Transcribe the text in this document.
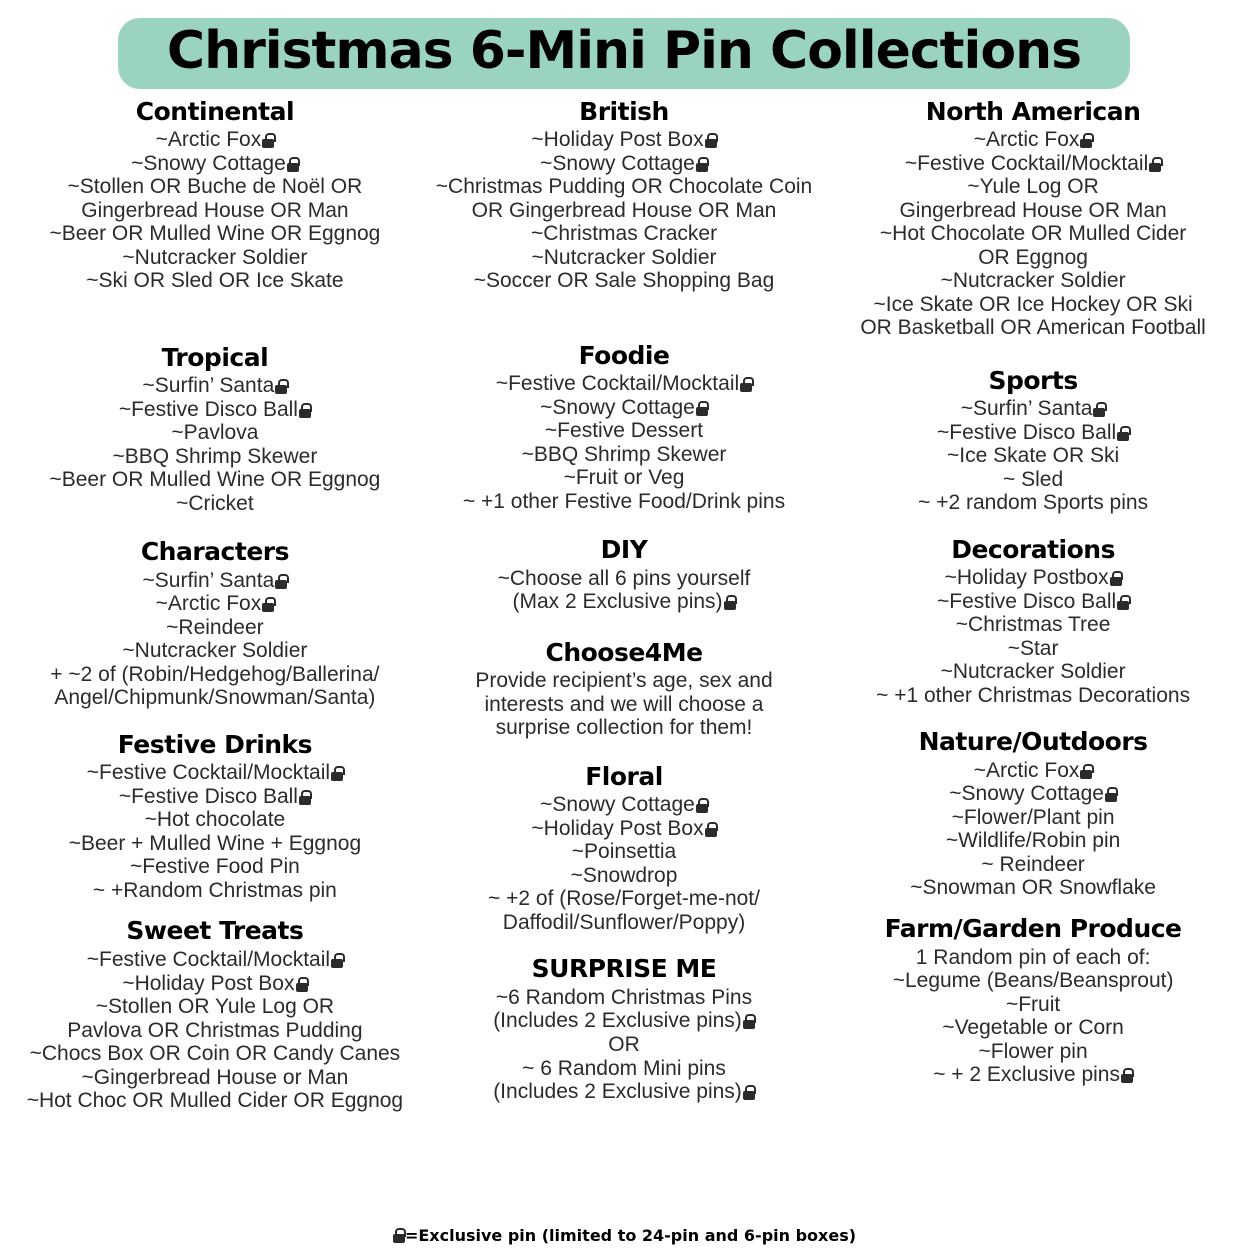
Christmas 6-Mini Pin Collections
Continental
~Arctic Fox
~Snowy Cottage
~Stollen OR Buche de Noël OR
Gingerbread House OR Man
~Beer OR Mulled Wine OR Eggnog
~Nutcracker Soldier
~Ski OR Sled OR Ice Skate
Tropical
~Surfin’ Santa
~Festive Disco Ball
~Pavlova
~BBQ Shrimp Skewer
~Beer OR Mulled Wine OR Eggnog
~Cricket
Characters
~Surfin’ Santa
~Arctic Fox
~Reindeer
~Nutcracker Soldier
+ ~2 of (Robin/Hedgehog/Ballerina/
Angel/Chipmunk/Snowman/Santa)
Festive Drinks
~Festive Cocktail/Mocktail
~Festive Disco Ball
~Hot chocolate
~Beer + Mulled Wine + Eggnog
~Festive Food Pin
~ +Random Christmas pin
Sweet Treats
~Festive Cocktail/Mocktail
~Holiday Post Box
~Stollen OR Yule Log OR
Pavlova OR Christmas Pudding
~Chocs Box OR Coin OR Candy Canes
~Gingerbread House or Man
~Hot Choc OR Mulled Cider OR Eggnog
British
~Holiday Post Box
~Snowy Cottage
~Christmas Pudding OR Chocolate Coin
OR Gingerbread House OR Man
~Christmas Cracker
~Nutcracker Soldier
~Soccer OR Sale Shopping Bag
Foodie
~Festive Cocktail/Mocktail
~Snowy Cottage
~Festive Dessert
~BBQ Shrimp Skewer
~Fruit or Veg
~ +1 other Festive Food/Drink pins
DIY
~Choose all 6 pins yourself
(Max 2 Exclusive pins)
Choose4Me
Provide recipient’s age, sex and
interests and we will choose a
surprise collection for them!
Floral
~Snowy Cottage
~Holiday Post Box
~Poinsettia
~Snowdrop
~ +2 of (Rose/Forget-me-not/
Daffodil/Sunflower/Poppy)
SURPRISE ME
~6 Random Christmas Pins
(Includes 2 Exclusive pins)
OR
~ 6 Random Mini pins
(Includes 2 Exclusive pins)
North American
~Arctic Fox
~Festive Cocktail/Mocktail
~Yule Log OR
Gingerbread House OR Man
~Hot Chocolate OR Mulled Cider
OR Eggnog
~Nutcracker Soldier
~Ice Skate OR Ice Hockey OR Ski
OR Basketball OR American Football
Sports
~Surfin’ Santa
~Festive Disco Ball
~Ice Skate OR Ski
~ Sled
~ +2 random Sports pins
Decorations
~Holiday Postbox
~Festive Disco Ball
~Christmas Tree
~Star
~Nutcracker Soldier
~ +1 other Christmas Decorations
Nature/Outdoors
~Arctic Fox
~Snowy Cottage
~Flower/Plant pin
~Wildlife/Robin pin
~ Reindeer
~Snowman OR Snowflake
Farm/Garden Produce
1 Random pin of each of:
~Legume (Beans/Beansprout)
~Fruit
~Vegetable or Corn
~Flower pin
~ + 2 Exclusive pins
=Exclusive pin (limited to 24-pin and 6-pin boxes)
